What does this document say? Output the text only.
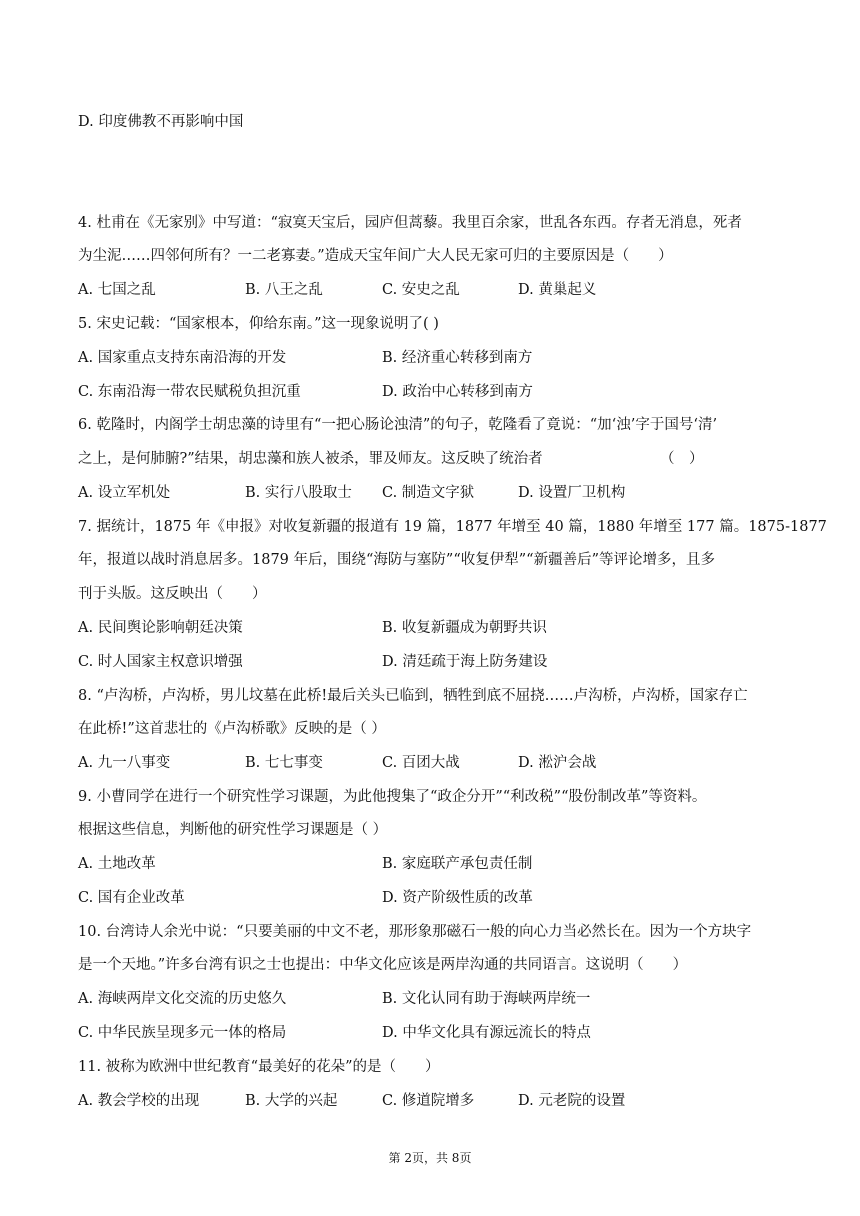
D. 印度佛教不再影响中国
4. 杜甫在《无家别》中写道：“寂寞天宝后，园庐但蒿藜。我里百余家，世乱各东西。存者无消息，死者
为尘泥……四邻何所有？一二老寡妻。”造成天宝年间广大人民无家可归的主要原因是（　　）
A. 七国之乱	B. 八王之乱	C. 安史之乱	D. 黄巢起义
5. 宋史记载：“国家根本，仰给东南。”这一现象说明了( )
A. 国家重点支持东南沿海的开发	B. 经济重心转移到南方
C. 东南沿海一带农民赋税负担沉重	D. 政治中心转移到南方
6. 乾隆时，内阁学士胡忠藻的诗里有“一把心肠论浊清”的句子，乾隆看了竟说：“加‘浊’字于国号‘清’
之上，是何肺腑?”结果，胡忠藻和族人被杀，罪及师友。这反映了统治者	（　）
A. 设立军机处	B. 实行八股取士 C. 制造文字狱	D. 设置厂卫机构
7. 据统计，1875 年《申报》对收复新疆的报道有 19 篇，1877 年增至 40 篇，1880 年增至 177 篇。1875-1877
年，报道以战时消息居多。1879 年后，围绕“海防与塞防”“收复伊犁”“新疆善后”等评论增多，且多
刊于头版。这反映出（　　）
A. 民间舆论影响朝廷决策	B. 收复新疆成为朝野共识
C. 时人国家主权意识增强	D. 清廷疏于海上防务建设
8. “卢沟桥，卢沟桥，男儿坟墓在此桥!最后关头已临到，牺牲到底不屈挠……卢沟桥，卢沟桥，国家存亡
在此桥!”这首悲壮的《卢沟桥歌》反映的是（ ）
A. 九一八事变	B. 七七事变	C. 百团大战	D. 淞沪会战
9. 小曹同学在进行一个研究性学习课题，为此他搜集了“政企分开”“利改税”“股份制改革”等资料。
根据这些信息，判断他的研究性学习课题是（ ）
A. 土地改革	B. 家庭联产承包责任制
C. 国有企业改革	D. 资产阶级性质的改革
10. 台湾诗人余光中说：“只要美丽的中文不老，那形象那磁石一般的向心力当必然长在。因为一个方块字
是一个天地。”许多台湾有识之士也提出：中华文化应该是两岸沟通的共同语言。这说明（　　）
A. 海峡两岸文化交流的历史悠久	B. 文化认同有助于海峡两岸统一
C. 中华民族呈现多元一体的格局	D. 中华文化具有源远流长的特点
11. 被称为欧洲中世纪教育“最美好的花朵”的是（　　）
A. 教会学校的出现	B. 大学的兴起	C. 修道院增多	D. 元老院的设置
第 2页，共 8页
